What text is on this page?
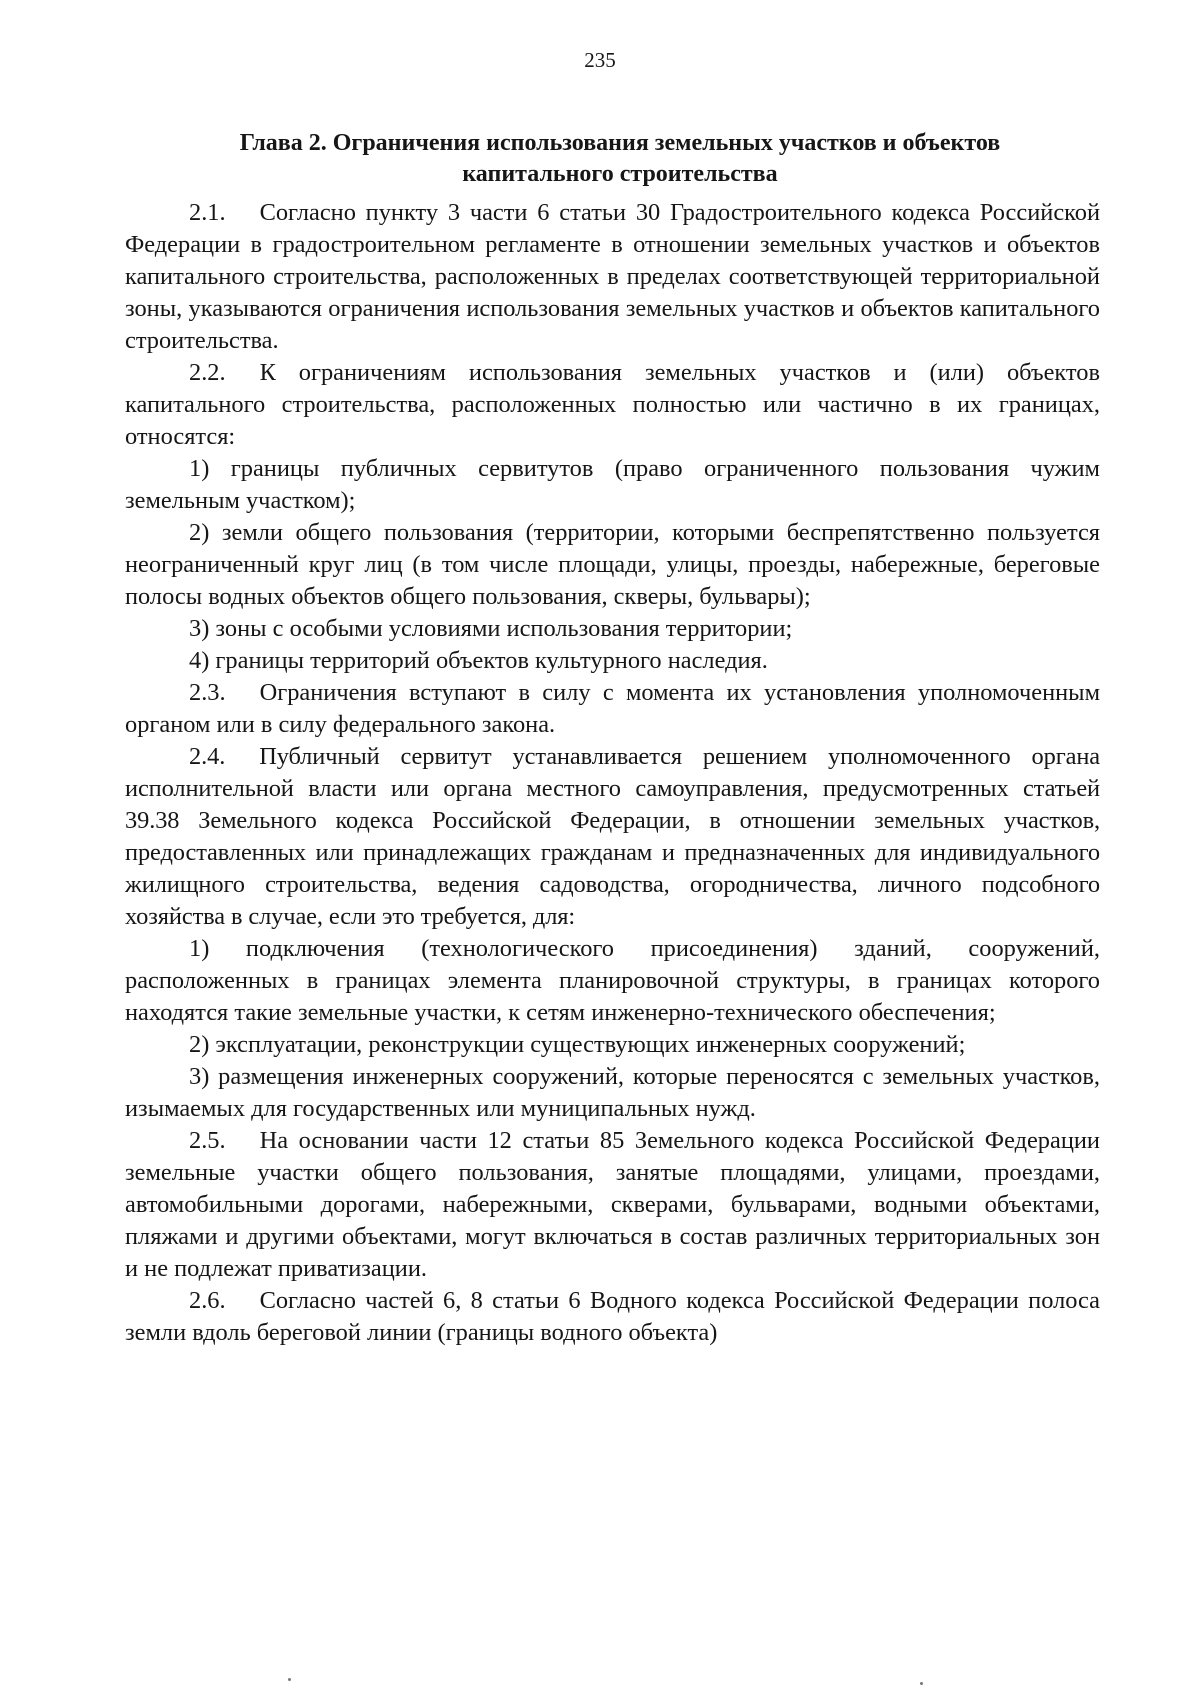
235
Глава 2. Ограничения использования земельных участков и объектов
капитального строительства

2.1. Согласно пункту 3 части 6 статьи 30 Градостроительного кодекса Российской Федерации в градостроительном регламенте в отношении земельных участков и объектов капитального строительства, расположенных в пределах соответствующей территориальной зоны, указываются ограничения использования земельных участков и объектов капитального строительства.

2.2. К ограничениям использования земельных участков и (или) объектов капитального строительства, расположенных полностью или частично в их границах, относятся:

1) границы публичных сервитутов (право ограниченного пользования чужим земельным участком);

2) земли общего пользования (территории, которыми беспрепятственно пользуется неограниченный круг лиц (в том числе площади, улицы, проезды, набережные, береговые полосы водных объектов общего пользования, скверы, бульвары);

3) зоны с особыми условиями использования территории;

4) границы территорий объектов культурного наследия.

2.3. Ограничения вступают в силу с момента их установления уполномоченным органом или в силу федерального закона.

2.4. Публичный сервитут устанавливается решением уполномоченного органа исполнительной власти или органа местного самоуправления, предусмотренных статьей 39.38 Земельного кодекса Российской Федерации, в отношении земельных участков, предоставленных или принадлежащих гражданам и предназначенных для индивидуального жилищного строительства, ведения садоводства, огородничества, личного подсобного хозяйства в случае, если это требуется, для:

1) подключения (технологического присоединения) зданий, сооружений, расположенных в границах элемента планировочной структуры, в границах которого находятся такие земельные участки, к сетям инженерно-технического обеспечения;

2) эксплуатации, реконструкции существующих инженерных сооружений;

3) размещения инженерных сооружений, которые переносятся с земельных участков, изымаемых для государственных или муниципальных нужд.

2.5. На основании части 12 статьи 85 Земельного кодекса Российской Федерации земельные участки общего пользования, занятые площадями, улицами, проездами, автомобильными дорогами, набережными, скверами, бульварами, водными объектами, пляжами и другими объектами, могут включаться в состав различных территориальных зон и не подлежат приватизации.

2.6. Согласно частей 6, 8 статьи 6 Водного кодекса Российской Федерации полоса земли вдоль береговой линии (границы водного объекта)
